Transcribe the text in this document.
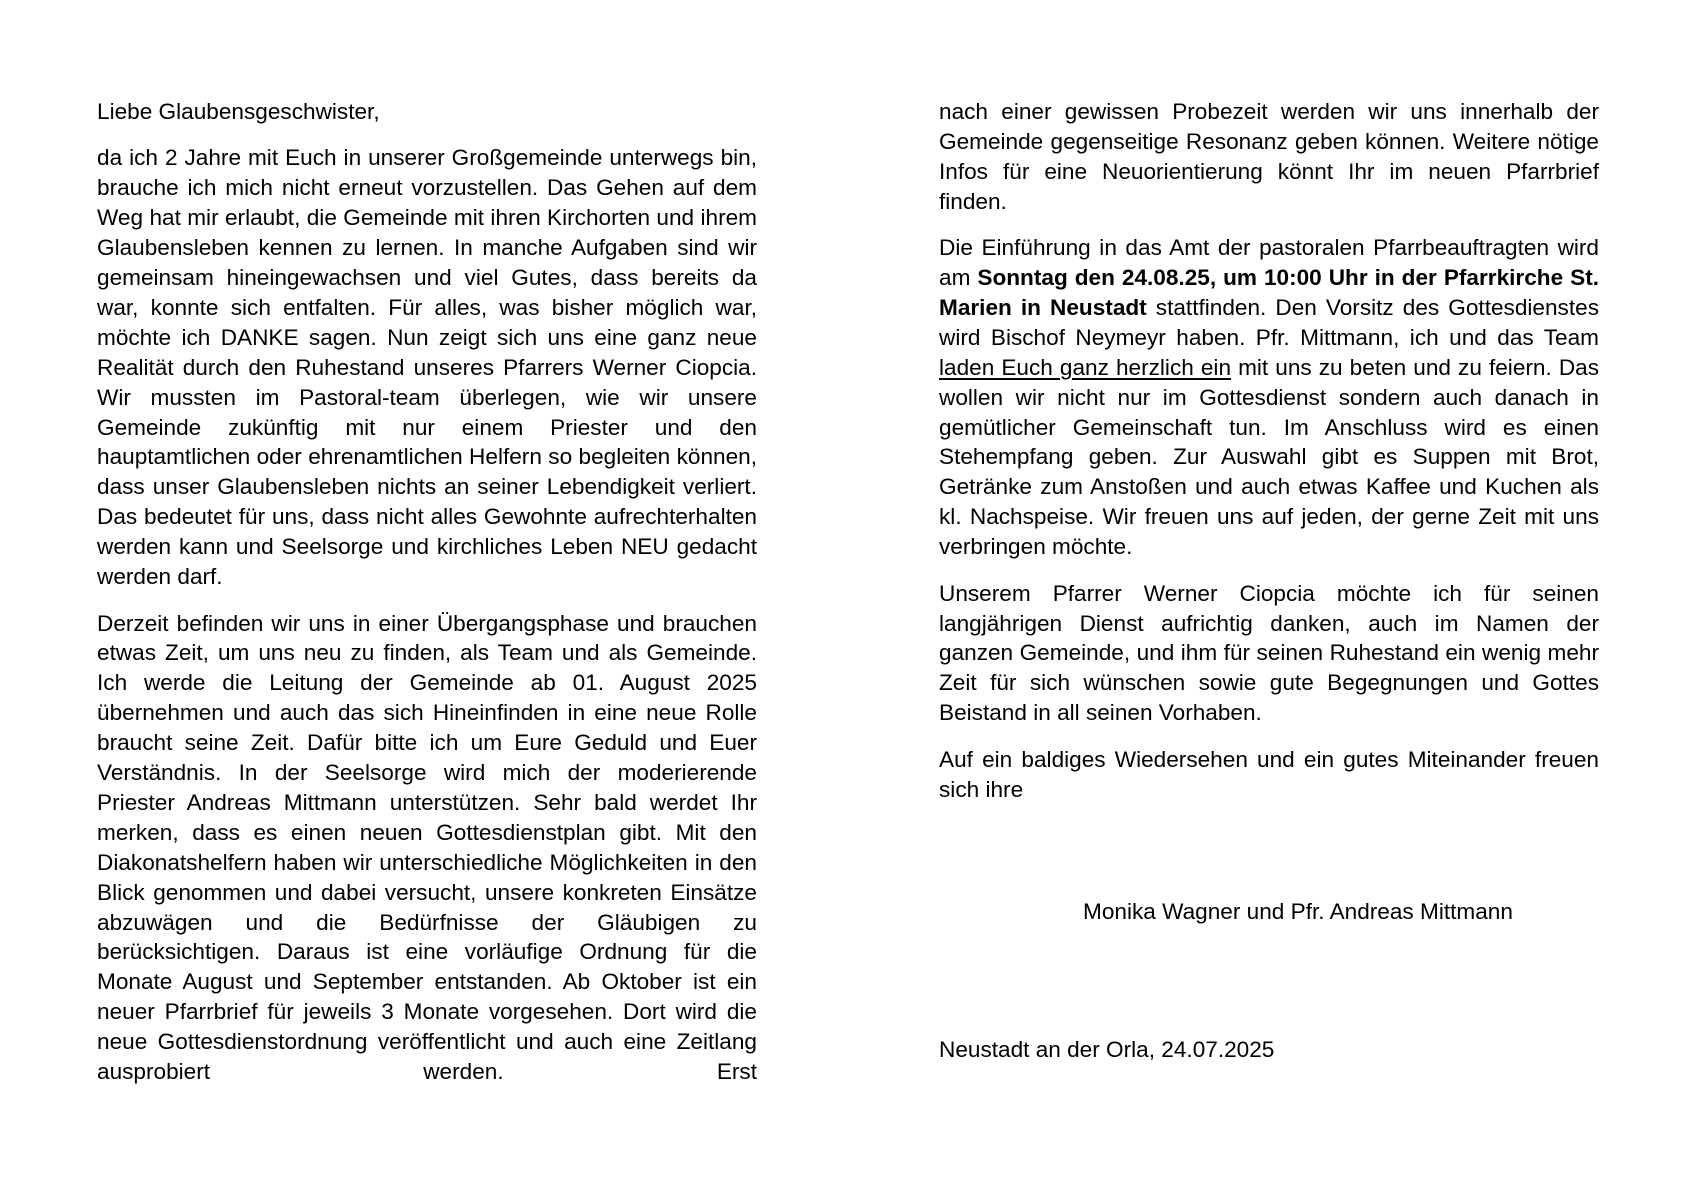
Liebe Glaubensgeschwister,

da ich 2 Jahre mit Euch in unserer Großgemeinde unterwegs bin, brauche ich mich nicht erneut vorzustellen. Das Gehen auf dem Weg hat mir erlaubt, die Gemeinde mit ihren Kirchorten und ihrem Glaubensleben kennen zu lernen. In manche Aufgaben sind wir gemeinsam hineingewachsen und viel Gutes, dass bereits da war, konnte sich entfalten. Für alles, was bisher möglich war, möchte ich DANKE sagen. Nun zeigt sich uns eine ganz neue Realität durch den Ruhestand unseres Pfarrers Werner Ciopcia. Wir mussten im Pastoral-team überlegen, wie wir unsere Gemeinde zukünftig mit nur einem Priester und den hauptamtlichen oder ehrenamtlichen Helfern so begleiten können, dass unser Glaubensleben nichts an seiner Lebendigkeit verliert. Das bedeutet für uns, dass nicht alles Gewohnte aufrechterhalten werden kann und Seelsorge und kirchliches Leben NEU gedacht werden darf.

Derzeit befinden wir uns in einer Übergangsphase und brauchen etwas Zeit, um uns neu zu finden, als Team und als Gemeinde. Ich werde die Leitung der Gemeinde ab 01. August 2025 übernehmen und auch das sich Hineinfinden in eine neue Rolle braucht seine Zeit. Dafür bitte ich um Eure Geduld und Euer Verständnis. In der Seelsorge wird mich der moderierende Priester Andreas Mittmann unterstützen. Sehr bald werdet Ihr merken, dass es einen neuen Gottesdienstplan gibt. Mit den Diakonatshelfern haben wir unterschiedliche Möglichkeiten in den Blick genommen und dabei versucht, unsere konkreten Einsätze abzuwägen und die Bedürfnisse der Gläubigen zu berücksichtigen. Daraus ist eine vorläufige Ordnung für die Monate August und September entstanden. Ab Oktober ist ein neuer Pfarrbrief für jeweils 3 Monate vorgesehen. Dort wird die neue Gottesdienstordnung veröffentlicht und auch eine Zeitlang ausprobiert werden. Erst

nach einer gewissen Probezeit werden wir uns innerhalb der Gemeinde gegenseitige Resonanz geben können. Weitere nötige Infos für eine Neuorientierung könnt Ihr im neuen Pfarrbrief finden.

Die Einführung in das Amt der pastoralen Pfarrbeauftragten wird am Sonntag den 24.08.25, um 10:00 Uhr in der Pfarrkirche St. Marien in Neustadt stattfinden. Den Vorsitz des Gottesdienstes wird Bischof Neymeyr haben. Pfr. Mittmann, ich und das Team laden Euch ganz herzlich ein mit uns zu beten und zu feiern. Das wollen wir nicht nur im Gottesdienst sondern auch danach in gemütlicher Gemeinschaft tun. Im Anschluss wird es einen Stehempfang geben. Zur Auswahl gibt es Suppen mit Brot, Getränke zum Anstoßen und auch etwas Kaffee und Kuchen als kl. Nachspeise. Wir freuen uns auf jeden, der gerne Zeit mit uns verbringen möchte.

Unserem Pfarrer Werner Ciopcia möchte ich für seinen langjährigen Dienst aufrichtig danken, auch im Namen der ganzen Gemeinde, und ihm für seinen Ruhestand ein wenig mehr Zeit für sich wünschen sowie gute Begegnungen und Gottes Beistand in all seinen Vorhaben.

Auf ein baldiges Wiedersehen und ein gutes Miteinander freuen sich ihre

Monika Wagner und Pfr. Andreas Mittmann
Neustadt an der Orla, 24.07.2025
